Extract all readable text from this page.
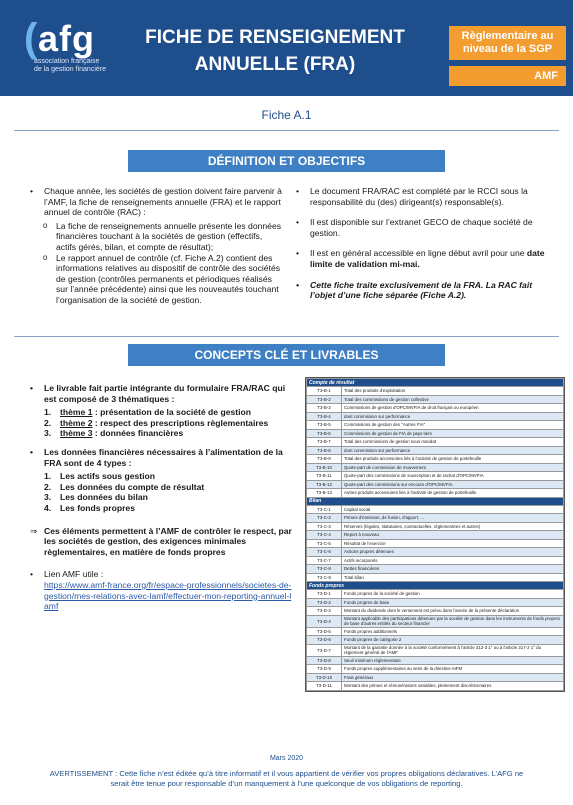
( afg
association française
de la gestion financière
FICHE DE RENSEIGNEMENT
ANNUELLE (FRA)
Règlementaire au niveau de la SGP
AMF
Fiche A.1
DÉFINITION ET OBJECTIFS
• Chaque année, les sociétés de gestion doivent faire parvenir à l’AMF, la fiche de renseignements annuelle (FRA) et le rapport annuel de contrôle (RAC) :
o La fiche de renseignements annuelle présente les données financières touchant à la sociétés de gestion (effectifs, actifs gérés, bilan, et compte de résultat);
o Le rapport annuel de contrôle (cf. Fiche A.2) contient des informations relatives au dispositif de contrôle des sociétés de gestion (contrôles permanents et périodiques réalisés sur l’année précédente) ainsi que les nouveautés touchant l’organisation de la société de gestion.
• Le document FRA/RAC est complété par le RCCI sous la responsabilité du (des) dirigeant(s) responsable(s).
• Il est disponible sur l’extranet GECO de chaque société de gestion.
• Il est en général accessible en ligne début avril pour une date limite de validation mi-mai.
• Cette fiche traite exclusivement de la FRA. La RAC fait l’objet d’une fiche séparée (Fiche A.2).
CONCEPTS CLÉ ET LIVRABLES
• Le livrable fait partie intégrante du formulaire FRA/RAC qui est composé de 3 thématiques :
1. thème 1 : présentation de la société de gestion
2. thème 2 : respect des prescriptions règlementaires
3. thème 3 : données financières
• Les données financières nécessaires à l’alimentation de la FRA sont de 4 types :
1. Les actifs sous gestion
2. Les données du compte de résultat
3. Les données du bilan
4. Les fonds propres
⇒ Ces éléments permettent à l’AMF de contrôler le respect, par les sociétés de gestion, des exigences minimales règlementaires, en matière de fonds propres
• Lien AMF utile :
https://www.amf-france.org/fr/espace-professionnels/societes-de-gestion/mes-relations-avec-lamf/effectuer-mon-reporting-annuel-lamf
Compte de résultat	
T3-B-1	Total des produits d'exploitation
T3-B-2	Total des commissions de gestion collective
T3-B-3	Commissions de gestion d'OPC/MVFIA de droit français ou européen
T3-B-4	dont commission sur performance
T3-B-5	Commissions de gestion des "Autres FIA"
T3-B-6	Commissions de gestion de FIA de pays tiers
T3-B-7	Total des commissions de gestion sous mandat
T3-B-8	dont commission sur performance
T3-B-9	Total des produits accessoires liés à l'activité de gestion de portefeuille
T3-B-10	Quote-part de commission de mouvement
T3-B-11	Quote-part des commissions de souscription et de rachat d'OPC/MVFIA
T3-B-12	Quote-part des commissions sur encours d'OPC/MVFIA
T3-B-13	Autres produits accessoires liés à l'activité de gestion de portefeuille
Bilan	
T3-C-1	Capital social
T3-C-2	Primes d'émission, de fusion, d'apport, ...
T3-C-3	Réserves (légales, statutaires, contractuelles, réglementées et autres)
T3-C-4	Report à nouveau
T3-C-5	Résultat de l'exercice
T3-C-6	Actions propres détenues
T3-C-7	Actifs incorporels
T3-C-8	Dettes financières
T3-C-9	Total bilan
Fonds propres	
T3-D-1	Fonds propres de la société de gestion
T3-D-2	Fonds propres de base
T3-D-3	Montant du dividende dont le versement est prévu dans l'année de la présente déclaration
T3-D-4	Montant applicable des participations détenues par la société de gestion dans les instruments de fonds propres de base d'autres entités du secteur financier
T3-D-5	Fonds propres additionnels
T3-D-6	Fonds propres de catégorie 2
T3-D-7	Montant de la garantie donnée à la société conformément à l'article 312-3 1° ou à l'article 317-2 1° du règlement général de l'AMF
T3-D-8	Seuil minimum réglementaire
T3-D-9	Fonds propres supplémentaires au sens de la directive AIFM
T3-D-10	Frais généraux
T3-D-11	Montant des primes et rémunérations variables, pleinement discrétionnaires
Mars 2020
AVERTISSEMENT : Cette fiche n’est éditée qu’à titre informatif et il vous appartient de vérifier vos propres obligations déclaratives. L’AFG ne serait être tenue pour responsable d’un manquement à l’une quelconque de vos obligations de reporting.
